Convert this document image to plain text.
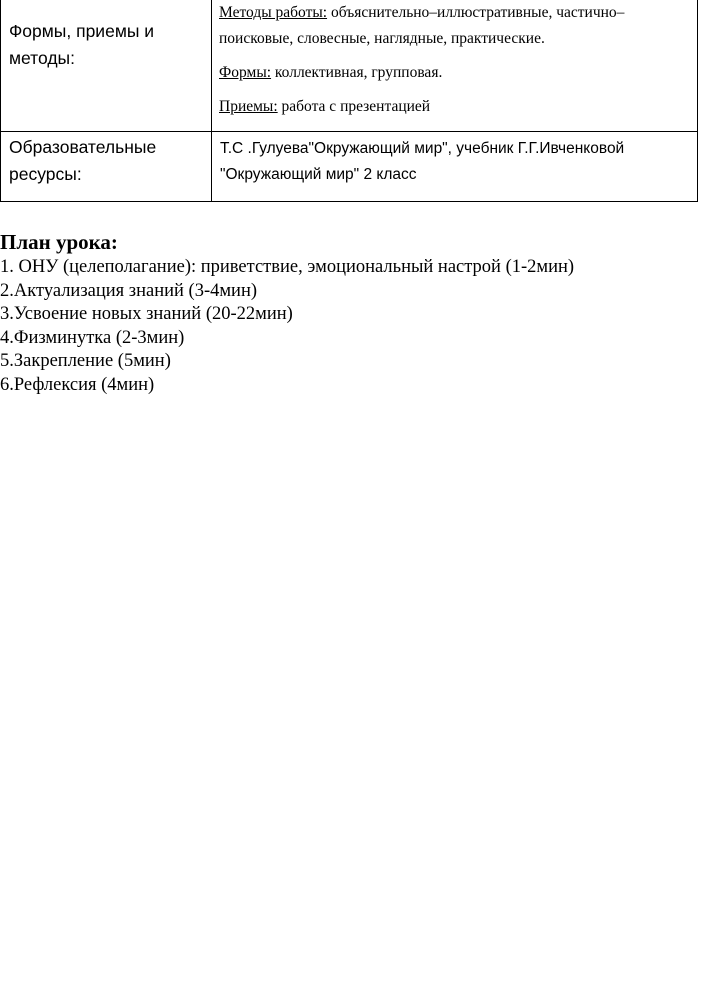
Формы, приемы и методы:	Методы работы: объяснительно–иллюстративные, частично–поисковые, словесные, наглядные, практические.

Формы: коллективная, групповая.

Приемы: работа с презентацией

Образовательные ресурсы:	Т.С .Гулуева"Окружающий мир", учебник Г.Г.Ивченковой "Окружающий мир" 2 класс

План урока:

1. ОНУ (целеполагание): приветствие, эмоциональный настрой (1-2мин)

2.Актуализация знаний (3-4мин)

3.Усвоение новых знаний (20-22мин)

4.Физминутка (2-3мин)

5.Закрепление (5мин)

6.Рефлексия (4мин)
